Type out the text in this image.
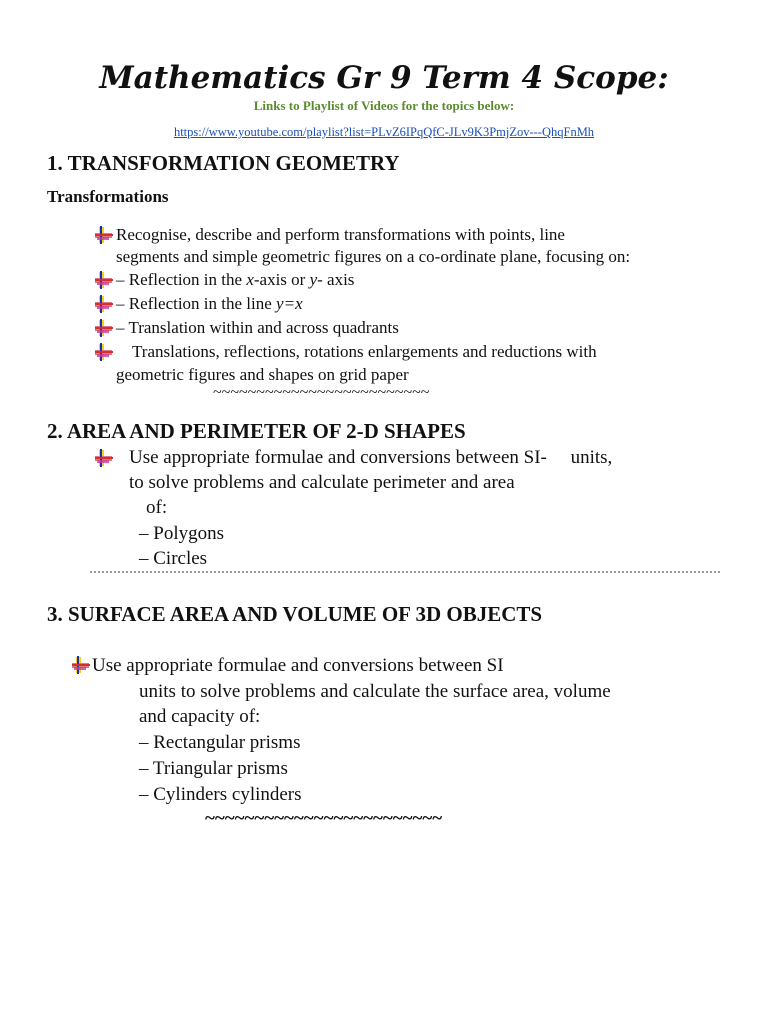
Mathematics Gr 9 Term 4 Scope:
Links to Playlist of Videos for the topics below:
https://www.youtube.com/playlist?list=PLvZ6IPqQfC-JLv9K3PmjZov---QhqFnMh
1. TRANSFORMATION GEOMETRY
Transformations
Recognise, describe and perform transformations with points, line
segments and simple geometric figures on a co-ordinate plane, focusing on:
– Reflection in the x-axis or y- axis
– Reflection in the line y=x
– Translation within and across quadrants
Translations, reflections, rotations enlargements and reductions with
geometric figures and shapes on grid paper
~~~~~~~~~~~~~~~~~~~~~~~~~
2. AREA AND PERIMETER OF 2-D SHAPES
Use appropriate formulae and conversions between SI-     units,
to solve problems and calculate perimeter and area
of:
– Polygons
– Circles
3. SURFACE AREA AND VOLUME OF 3D OBJECTS
Use appropriate formulae and conversions between SI
units to solve problems and calculate the surface area, volume
and capacity of:
– Rectangular prisms
– Triangular prisms
– Cylinders cylinders
~~~~~~~~~~~~~~~~~~~~~~~~
